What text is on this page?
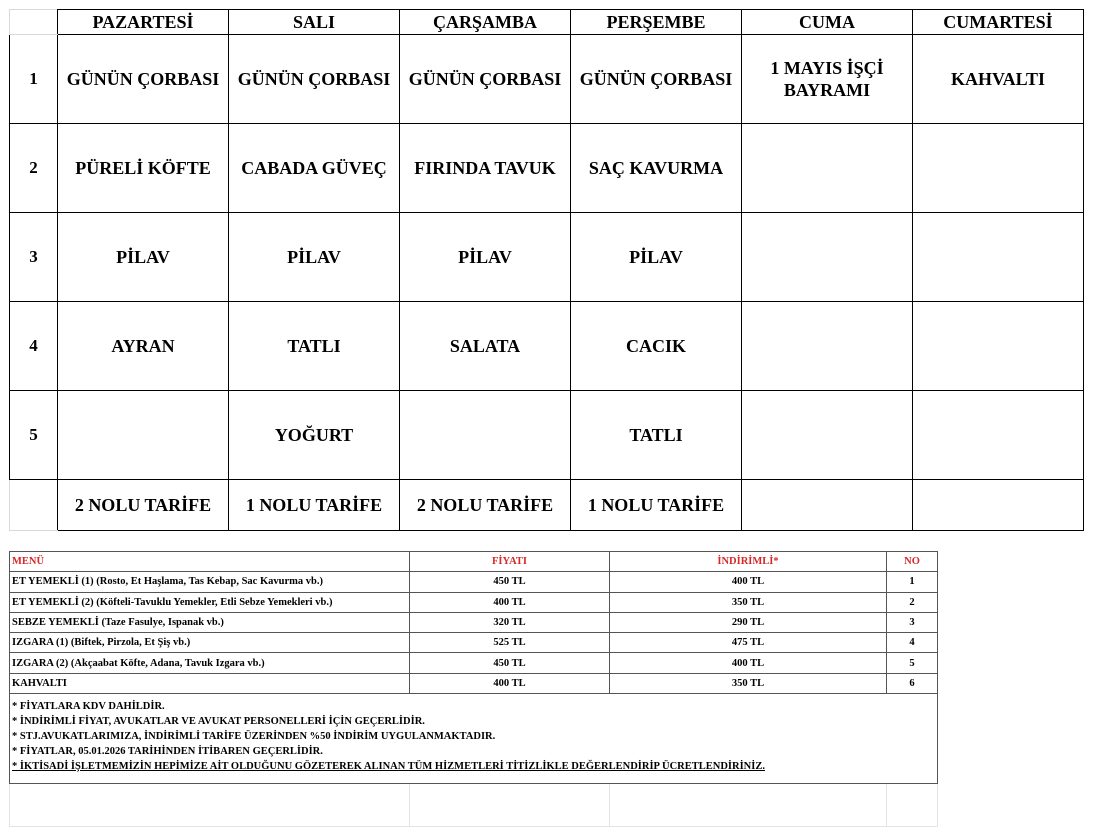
	PAZARTESİ	SALI	ÇARŞAMBA	PERŞEMBE	CUMA	CUMARTESİ
1	GÜNÜN ÇORBASI	GÜNÜN ÇORBASI	GÜNÜN ÇORBASI	GÜNÜN ÇORBASI	1 MAYIS İŞÇİ BAYRAMI	KAHVALTI
2	PÜRELİ KÖFTE	CABADA GÜVEÇ	FIRINDA TAVUK	SAÇ KAVURMA		
3	PİLAV	PİLAV	PİLAV	PİLAV		
4	AYRAN	TATLI	SALATA	CACIK		
5		YOĞURT		TATLI		
	2 NOLU TARİFE	1 NOLU TARİFE	2 NOLU TARİFE	1 NOLU TARİFE		
MENÜ	FİYATI	İNDİRİMLİ*	NO
ET YEMEKLİ (1) (Rosto, Et Haşlama, Tas Kebap, Sac Kavurma vb.)	450 TL	400 TL	1
ET YEMEKLİ (2) (Köfteli-Tavuklu Yemekler, Etli Sebze Yemekleri vb.)	400 TL	350 TL	2
SEBZE YEMEKLİ (Taze Fasulye, Ispanak vb.)	320 TL	290 TL	3
IZGARA (1) (Biftek, Pirzola, Et Şiş vb.)	525 TL	475 TL	4
IZGARA (2) (Akçaabat Köfte, Adana, Tavuk Izgara vb.)	450 TL	400 TL	5
KAHVALTI	400 TL	350 TL	6

* FİYATLARA KDV DAHİLDİR.
* İNDİRİMLİ FİYAT, AVUKATLAR VE AVUKAT PERSONELLERİ İÇİN GEÇERLİDİR.
* STJ.AVUKATLARIMIZA, İNDİRİMLİ TARİFE ÜZERİNDEN %50 İNDİRİM UYGULANMAKTADIR.
* FİYATLAR, 05.01.2026 TARİHİNDEN İTİBAREN GEÇERLİDİR.
* İKTİSADİ İŞLETMEMİZİN HEPİMİZE AİT OLDUĞUNU GÖZETEREK ALINAN TÜM HİZMETLERİ TİTİZLİKLE DEĞERLENDİRİP ÜCRETLENDİRİNİZ.			
